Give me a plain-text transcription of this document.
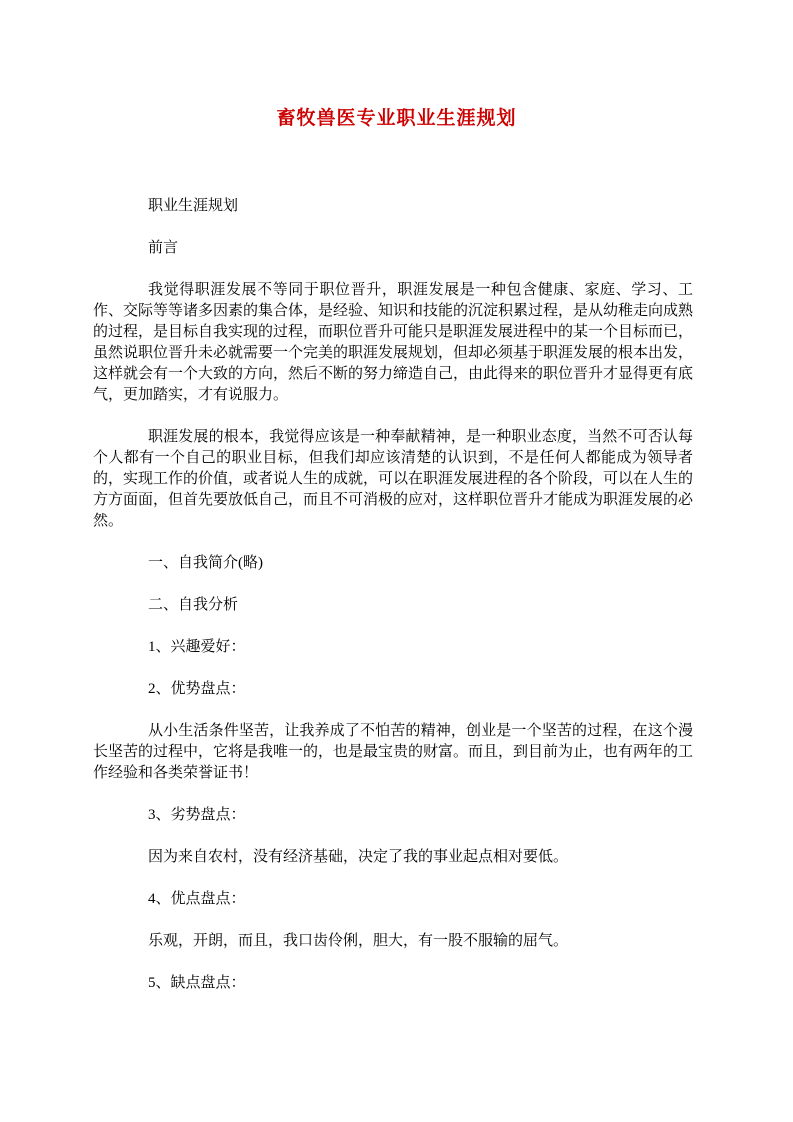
畜牧兽医专业职业生涯规划

职业生涯规划

前言

我觉得职涯发展不等同于职位晋升，职涯发展是一种包含健康、家庭、学习、工作、交际等等诸多因素的集合体，是经验、知识和技能的沉淀积累过程，是从幼稚走向成熟的过程，是目标自我实现的过程，而职位晋升可能只是职涯发展进程中的某一个目标而已，虽然说职位晋升未必就需要一个完美的职涯发展规划，但却必须基于职涯发展的根本出发，这样就会有一个大致的方向，然后不断的努力缔造自己，由此得来的职位晋升才显得更有底气，更加踏实，才有说服力。

职涯发展的根本，我觉得应该是一种奉献精神，是一种职业态度，当然不可否认每个人都有一个自己的职业目标，但我们却应该清楚的认识到，不是任何人都能成为领导者的，实现工作的价值，或者说人生的成就，可以在职涯发展进程的各个阶段，可以在人生的方方面面，但首先要放低自己，而且不可消极的应对，这样职位晋升才能成为职涯发展的必然。

一、自我简介(略)

二、自我分析

1、兴趣爱好：

2、优势盘点：

从小生活条件坚苦，让我养成了不怕苦的精神，创业是一个坚苦的过程，在这个漫长坚苦的过程中，它将是我唯一的，也是最宝贵的财富。而且，到目前为止，也有两年的工作经验和各类荣誉证书！

3、劣势盘点：

因为来自农村，没有经济基础，决定了我的事业起点相对要低。

4、优点盘点：

乐观，开朗，而且，我口齿伶俐，胆大，有一股不服输的屈气。

5、缺点盘点：
